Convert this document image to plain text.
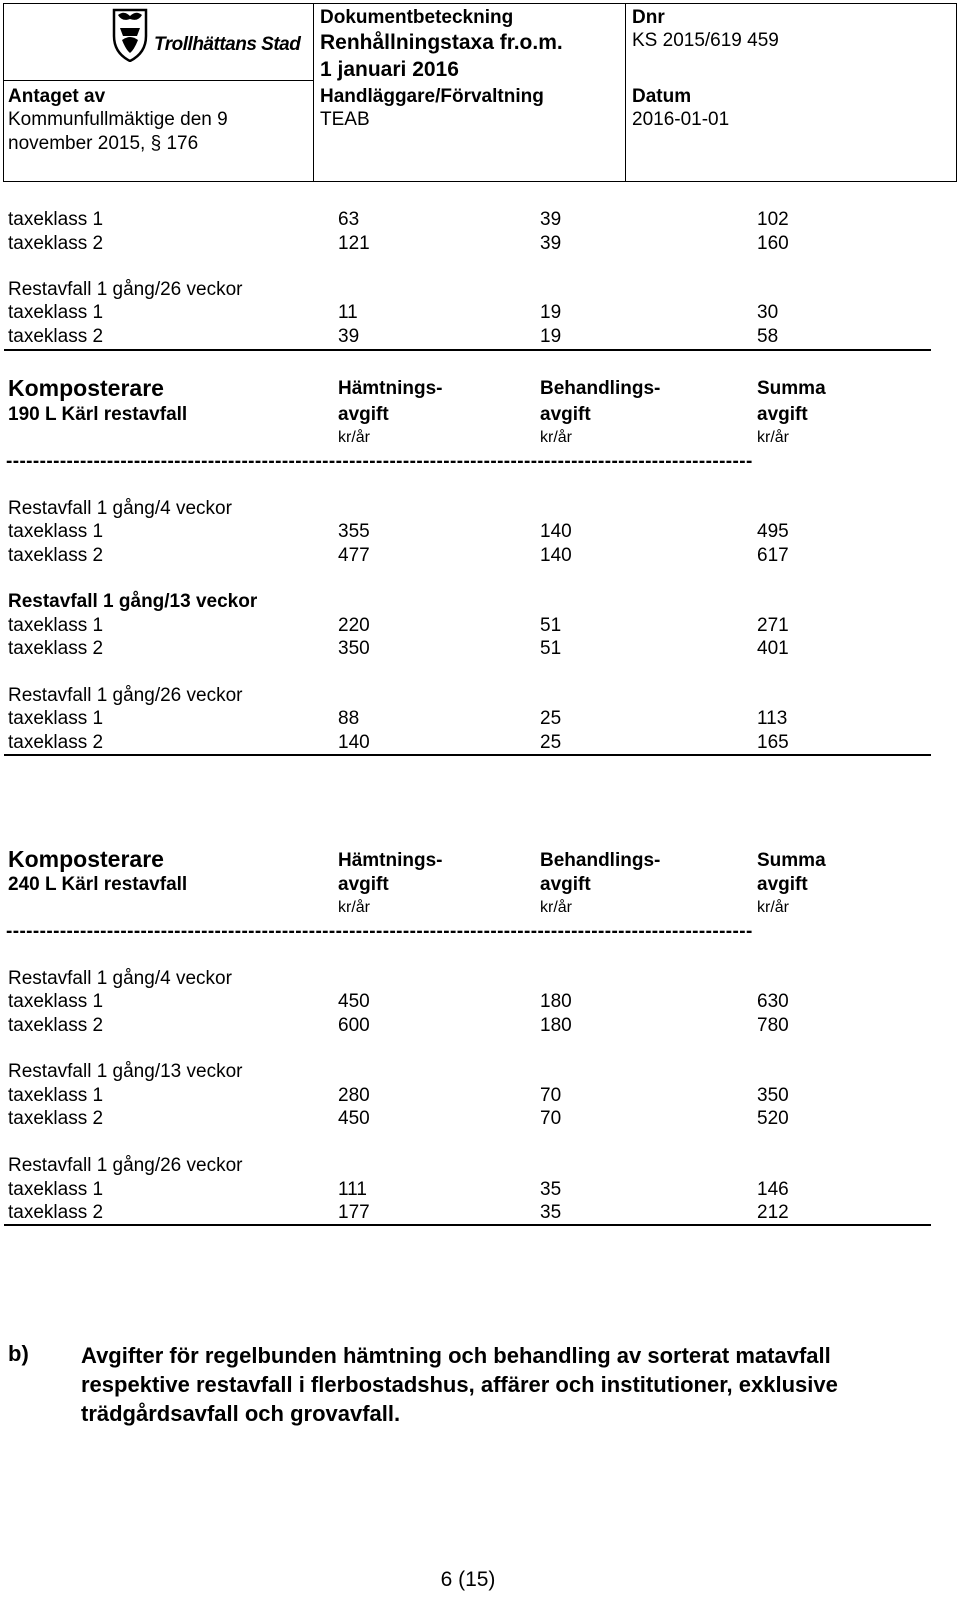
Trollhättans Stad
Dokumentbeteckning
Renhållningstaxa fr.o.m.
1 januari 2016
Dnr
KS 2015/619 459
Antaget av
Kommunfullmäktige den 9
november 2015, § 176
Handläggare/Förvaltning
TEAB
Datum
2016-01-01
taxeklass 1	63	39	102
taxeklass 2	121	39	160
Restavfall 1 gång/26 veckor
taxeklass 1	11	19	30
taxeklass 2	39	19	58
Komposterare	Hämtnings-	Behandlings-	Summa
190 L Kärl restavfall	avgift	avgift	avgift
kr/år	kr/år	kr/år
---------------------------------------------------------------------------------------------------------------
Restavfall 1 gång/4 veckor
taxeklass 1	355	140	495
taxeklass 2	477	140	617
Restavfall 1 gång/13 veckor
taxeklass 1	220	51	271
taxeklass 2	350	51	401
Restavfall 1 gång/26 veckor
taxeklass 1	88	25	113
taxeklass 2	140	25	165
Komposterare	Hämtnings-	Behandlings-	Summa
240 L Kärl restavfall	avgift	avgift	avgift
kr/år	kr/år	kr/år
---------------------------------------------------------------------------------------------------------------
Restavfall 1 gång/4 veckor
taxeklass 1	450	180	630
taxeklass 2	600	180	780
Restavfall 1 gång/13 veckor
taxeklass 1	280	70	350
taxeklass 2	450	70	520
Restavfall 1 gång/26 veckor
taxeklass 1	111	35	146
taxeklass 2	177	35	212
b) Avgifter för regelbunden hämtning och behandling av sorterat matavfall respektive restavfall i flerbostadshus, affärer och institutioner, exklusive trädgårdsavfall och grovavfall.
6 (15)
